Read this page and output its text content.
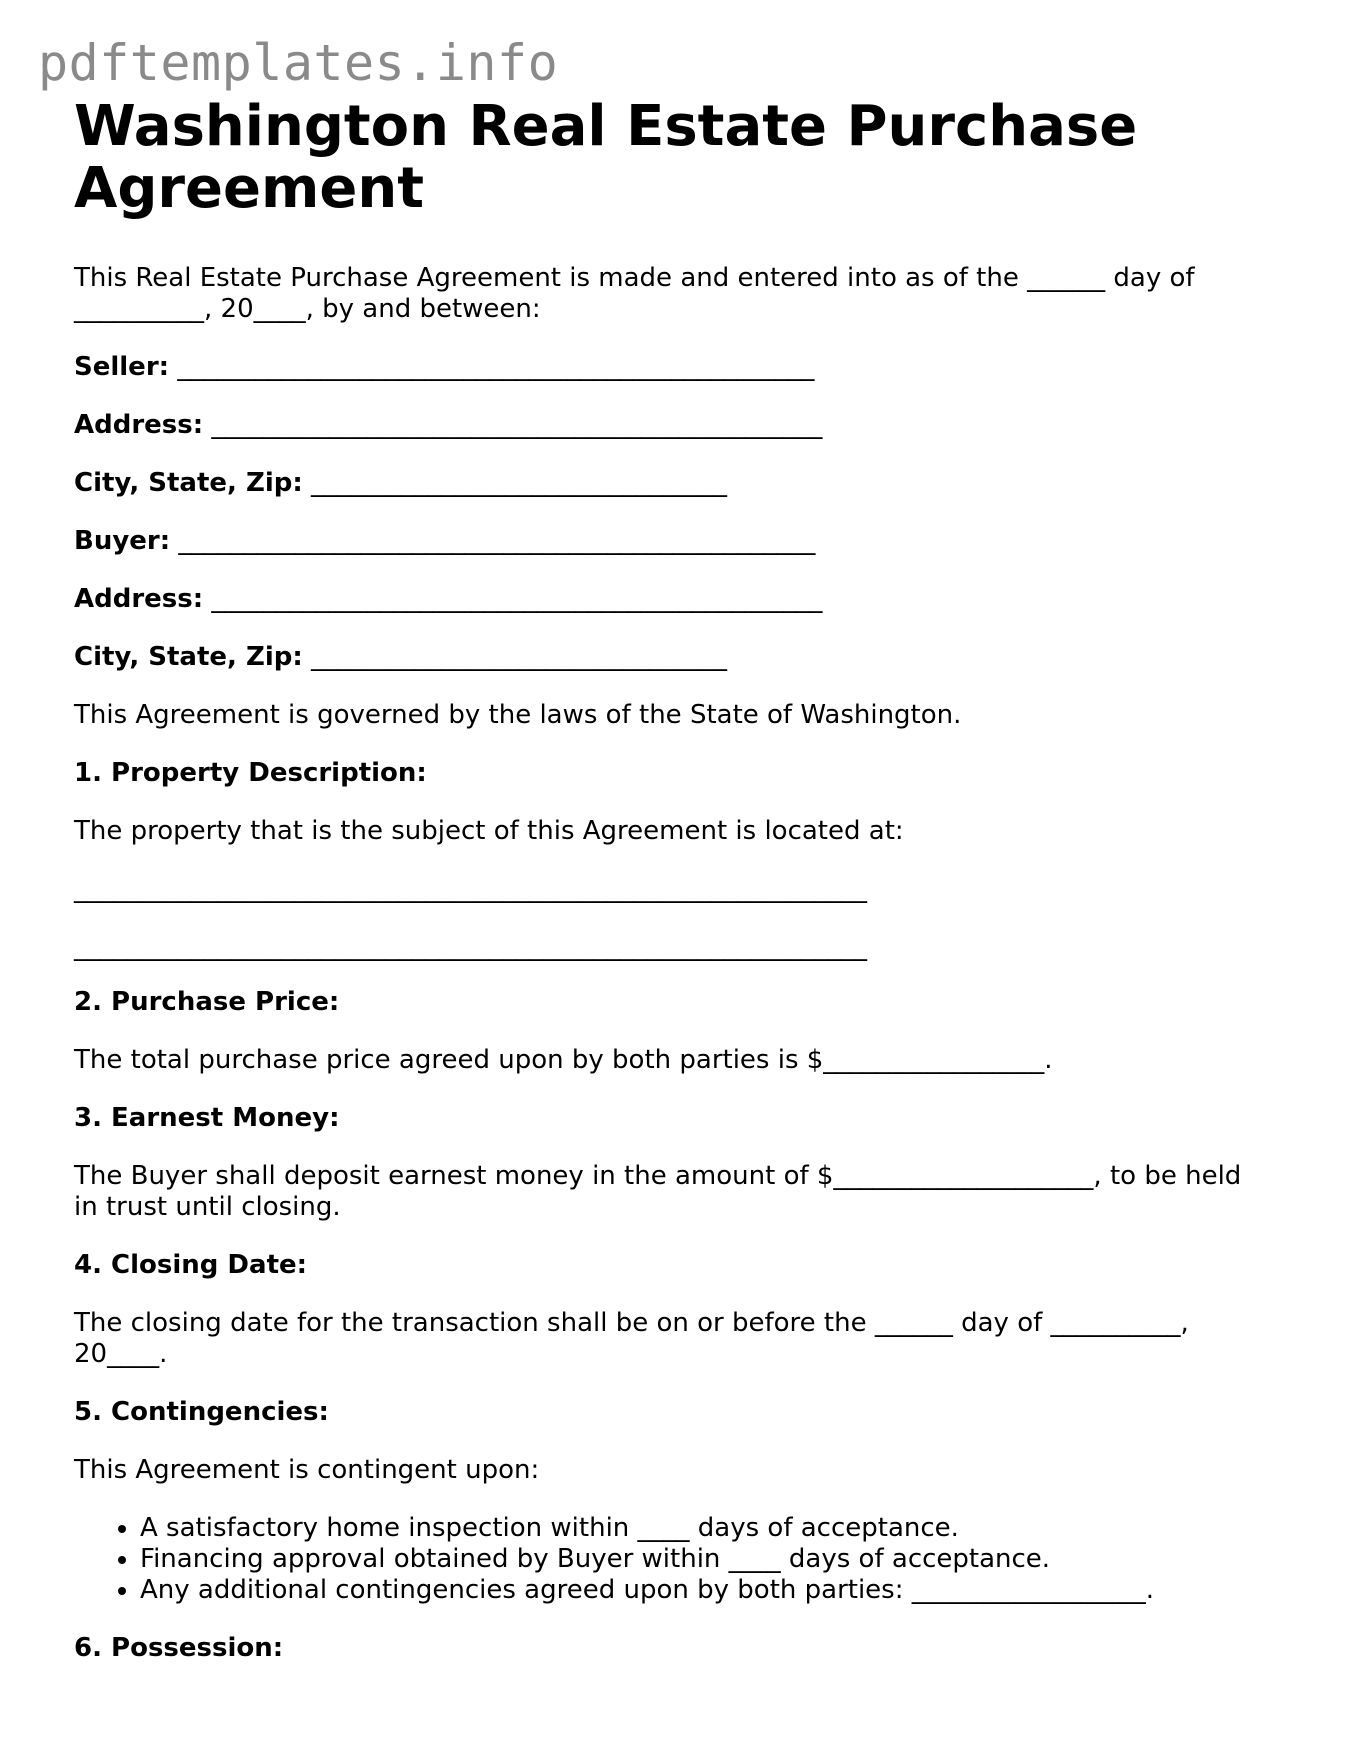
pdftemplates.info
Washington Real Estate Purchase Agreement

This Real Estate Purchase Agreement is made and entered into as of the ______ day of

__________, 20____, by and between:

Seller: _________________________________________________

Address: _______________________________________________

City, State, Zip: ________________________________

Buyer: _________________________________________________

Address: _______________________________________________

City, State, Zip: ________________________________

This Agreement is governed by the laws of the State of Washington.

1. Property Description:

The property that is the subject of this Agreement is located at:

_____________________________________________________________

_____________________________________________________________

2. Purchase Price:

The total purchase price agreed upon by both parties is $_________________.

3. Earnest Money:

The Buyer shall deposit earnest money in the amount of $____________________, to be held

in trust until closing.

4. Closing Date:

The closing date for the transaction shall be on or before the ______ day of __________,

20____.

5. Contingencies:

This Agreement is contingent upon:

• A satisfactory home inspection within ____ days of acceptance.
• Financing approval obtained by Buyer within ____ days of acceptance.
• Any additional contingencies agreed upon by both parties: __________________.

6. Possession:
